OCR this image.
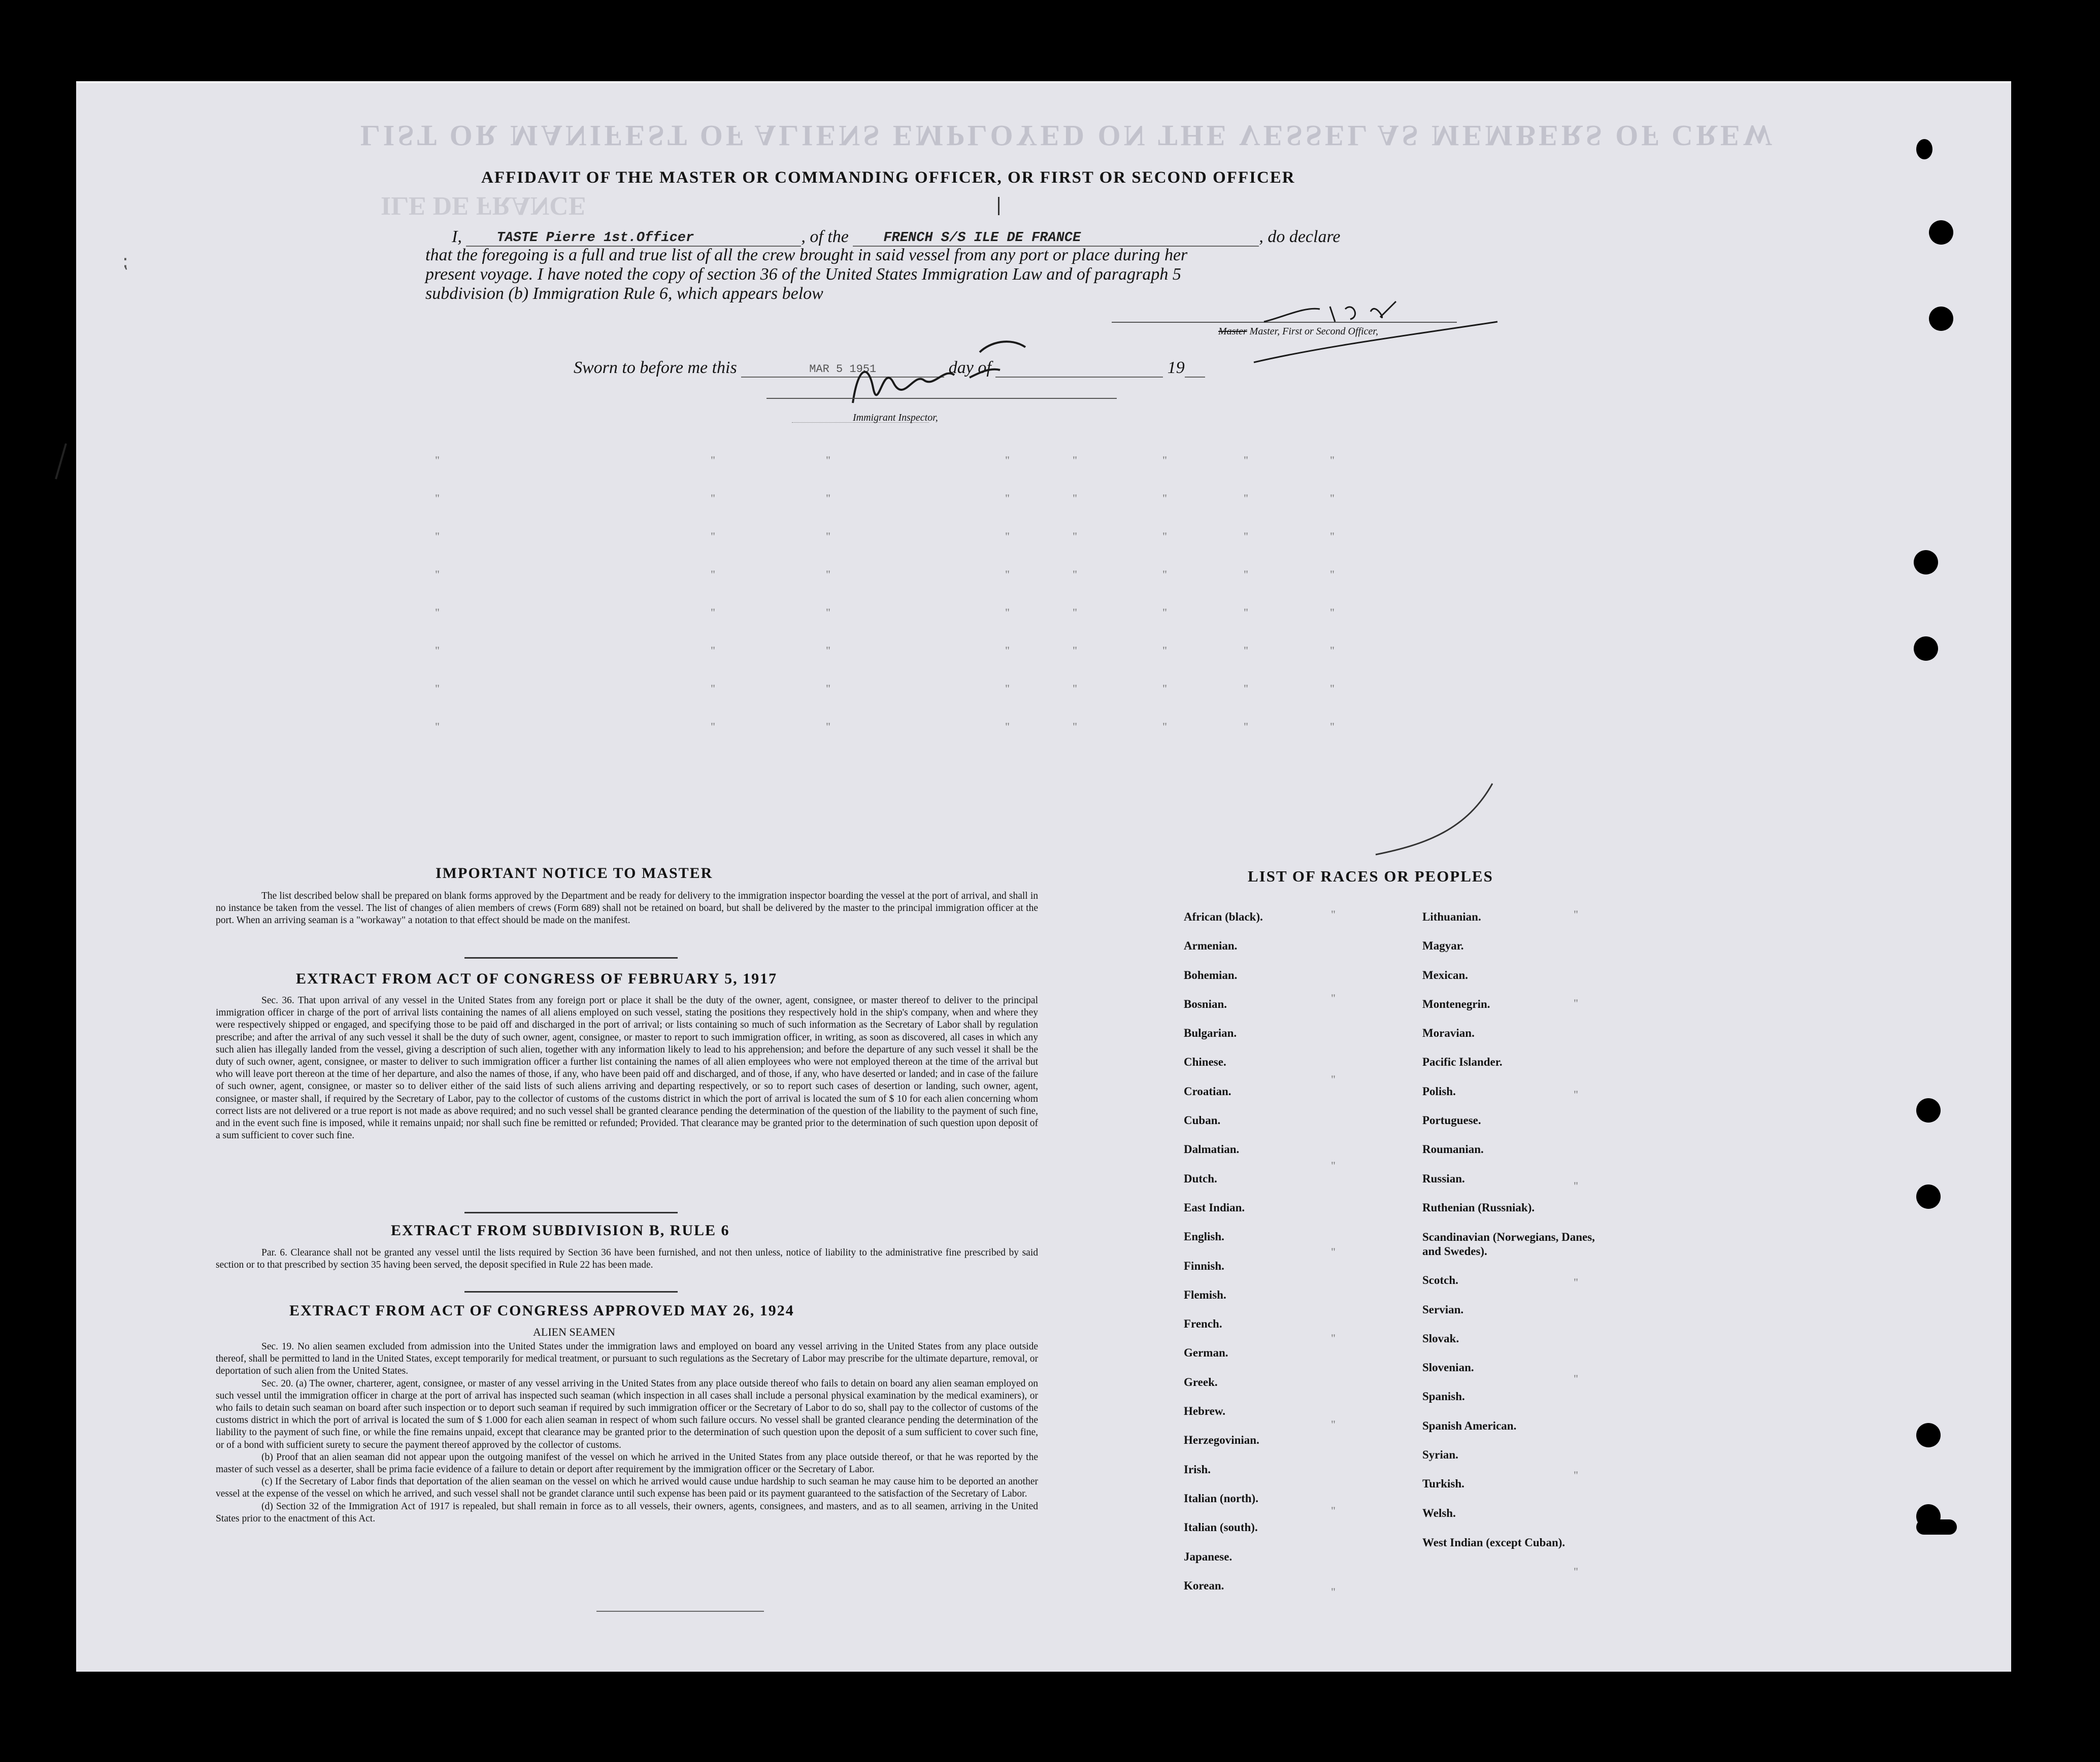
LIST OR MANIFEST OF ALIENS EMPLOYED ON THE VESSEL AS MEMBERS OF CREW
ILE DE FRANCE
AFFIDAVIT OF THE MASTER OR COMMANDING OFFICER, OR FIRST OR SECOND OFFICER
I,	TASTE Pierre 1st.Officer	, of the	FRENCH S/S ILE DE FRANCE	, do declare
that the foregoing is a full and true list of all the crew brought in said vessel from any port or place during her
present voyage. I have noted the copy of section 36 of the United States Immigration Law and of paragraph 5
subdivision (b) Immigration Rule 6, which appears below
Master Master, First or Second Officer,
Sworn to before me this	MAR 5 1951	day of	19
Immigrant Inspector,
"	"	"	"	"	"	"	"
"	"	"	"	"	"	"	"
"	"	"	"	"	"	"	"
"	"	"	"	"	"	"	"
"	"	"	"	"	"	"	"
"	"	"	"	"	"	"	"
"	"	"	"	"	"	"	"
"	"	"	"	"	"	"	"
IMPORTANT NOTICE TO MASTER

The list described below shall be prepared on blank forms approved by the Department and be ready for delivery to the immigration inspector boarding the vessel at the port of arrival, and shall in no instance be taken from the vessel. The list of changes of alien members of crews (Form 689) shall not be retained on board, but shall be delivered by the master to the principal immigration officer at the port. When an arriving seaman is a "workaway" a notation to that effect should be made on the manifest.

EXTRACT FROM ACT OF CONGRESS OF FEBRUARY 5, 1917

Sec. 36. That upon arrival of any vessel in the United States from any foreign port or place it shall be the duty of the owner, agent, consignee, or master thereof to deliver to the principal immigration officer in charge of the port of arrival lists containing the names of all aliens employed on such vessel, stating the positions they respectively hold in the ship's company, when and where they were respectively shipped or engaged, and specifying those to be paid off and discharged in the port of arrival; or lists containing so much of such information as the Secretary of Labor shall by regulation prescribe; and after the arrival of any such vessel it shall be the duty of such owner, agent, consignee, or master to report to such immigration officer, in writing, as soon as discovered, all cases in which any such alien has illegally landed from the vessel, giving a description of such alien, together with any information likely to lead to his apprehension; and before the departure of any such vessel it shall be the duty of such owner, agent, consignee, or master to deliver to such immigration officer a further list containing the names of all alien employees who were not employed thereon at the time of the arrival but who will leave port thereon at the time of her departure, and also the names of those, if any, who have been paid off and discharged, and of those, if any, who have deserted or landed; and in case of the failure of such owner, agent, consignee, or master so to deliver either of the said lists of such aliens arriving and departing respectively, or so to report such cases of desertion or landing, such owner, agent, consignee, or master shall, if required by the Secretary of Labor, pay to the collector of customs of the customs district in which the port of arrival is located the sum of $ 10 for each alien concerning whom correct lists are not delivered or a true report is not made as above required; and no such vessel shall be granted clearance pending the determination of the question of the liability to the payment of such fine, and in the event such fine is imposed, while it remains unpaid; nor shall such fine be remitted or refunded; Provided. That clearance may be granted prior to the determination of such question upon deposit of a sum sufficient to cover such fine.

EXTRACT FROM SUBDIVISION B, RULE 6

Par. 6. Clearance shall not be granted any vessel until the lists required by Section 36 have been furnished, and not then unless, notice of liability to the administrative fine prescribed by said section or to that prescribed by section 35 having been served, the deposit specified in Rule 22 has been made.

EXTRACT FROM ACT OF CONGRESS APPROVED MAY 26, 1924
ALIEN SEAMEN

Sec. 19. No alien seamen excluded from admission into the United States under the immigration laws and employed on board any vessel arriving in the United States from any place outside thereof, shall be permitted to land in the United States, except temporarily for medical treatment, or pursuant to such regulations as the Secretary of Labor may prescribe for the ultimate departure, removal, or deportation of such alien from the United States.

Sec. 20. (a) The owner, charterer, agent, consignee, or master of any vessel arriving in the United States from any place outside thereof who fails to detain on board any alien seaman employed on such vessel until the immigration officer in charge at the port of arrival has inspected such seaman (which inspection in all cases shall include a personal physical examination by the medical examiners), or who fails to detain such seaman on board after such inspection or to deport such seaman if required by such immigration officer or the Secretary of Labor to do so, shall pay to the collector of customs of the customs district in which the port of arrival is located the sum of $ 1.000 for each alien seaman in respect of whom such failure occurs. No vessel shall be granted clearance pending the determination of the liability to the payment of such fine, or while the fine remains unpaid, except that clearance may be granted prior to the determination of such question upon the deposit of a sum sufficient to cover such fine, or of a bond with sufficient surety to secure the payment thereof approved by the collector of customs.

(b) Proof that an alien seaman did not appear upon the outgoing manifest of the vessel on which he arrived in the United States from any place outside thereof, or that he was reported by the master of such vessel as a deserter, shall be prima facie evidence of a failure to detain or deport after requirement by the immigration officer or the Secretary of Labor.

(c) If the Secretary of Labor finds that deportation of the alien seaman on the vessel on which he arrived would cause undue hardship to such seaman he may cause him to be deported an another vessel at the expense of the vessel on which he arrived, and such vessel shall not be grandet clarance until such expense has been paid or its payment guaranteed to the satisfaction of the Secretary of Labor.

(d) Section 32 of the Immigration Act of 1917 is repealed, but shall remain in force as to all vessels, their owners, agents, consignees, and masters, and as to all seamen, arriving in the United States prior to the enactment of this Act.

LIST OF RACES OR PEOPLES
African (black).
Armenian.
Bohemian.
Bosnian.
Bulgarian.
Chinese.
Croatian.
Cuban.
Dalmatian.
Dutch.
East Indian.
English.
Finnish.
Flemish.
French.
German.
Greek.
Hebrew.
Herzegovinian.
Irish.
Italian (north).
Italian (south).
Japanese.
Korean.
Lithuanian.
Magyar.
Mexican.
Montenegrin.
Moravian.
Pacific Islander.
Polish.
Portuguese.
Roumanian.
Russian.
Ruthenian (Russniak).
Scandinavian (Norwegians, Danes, and Swedes).
Scotch.
Servian.
Slovak.
Slovenian.
Spanish.
Spanish American.
Syrian.
Turkish.
Welsh.
West Indian (except Cuban).
"
"
"
"
"
"
"
"
"
"
"
"
"
"
"
"
"
⁏
